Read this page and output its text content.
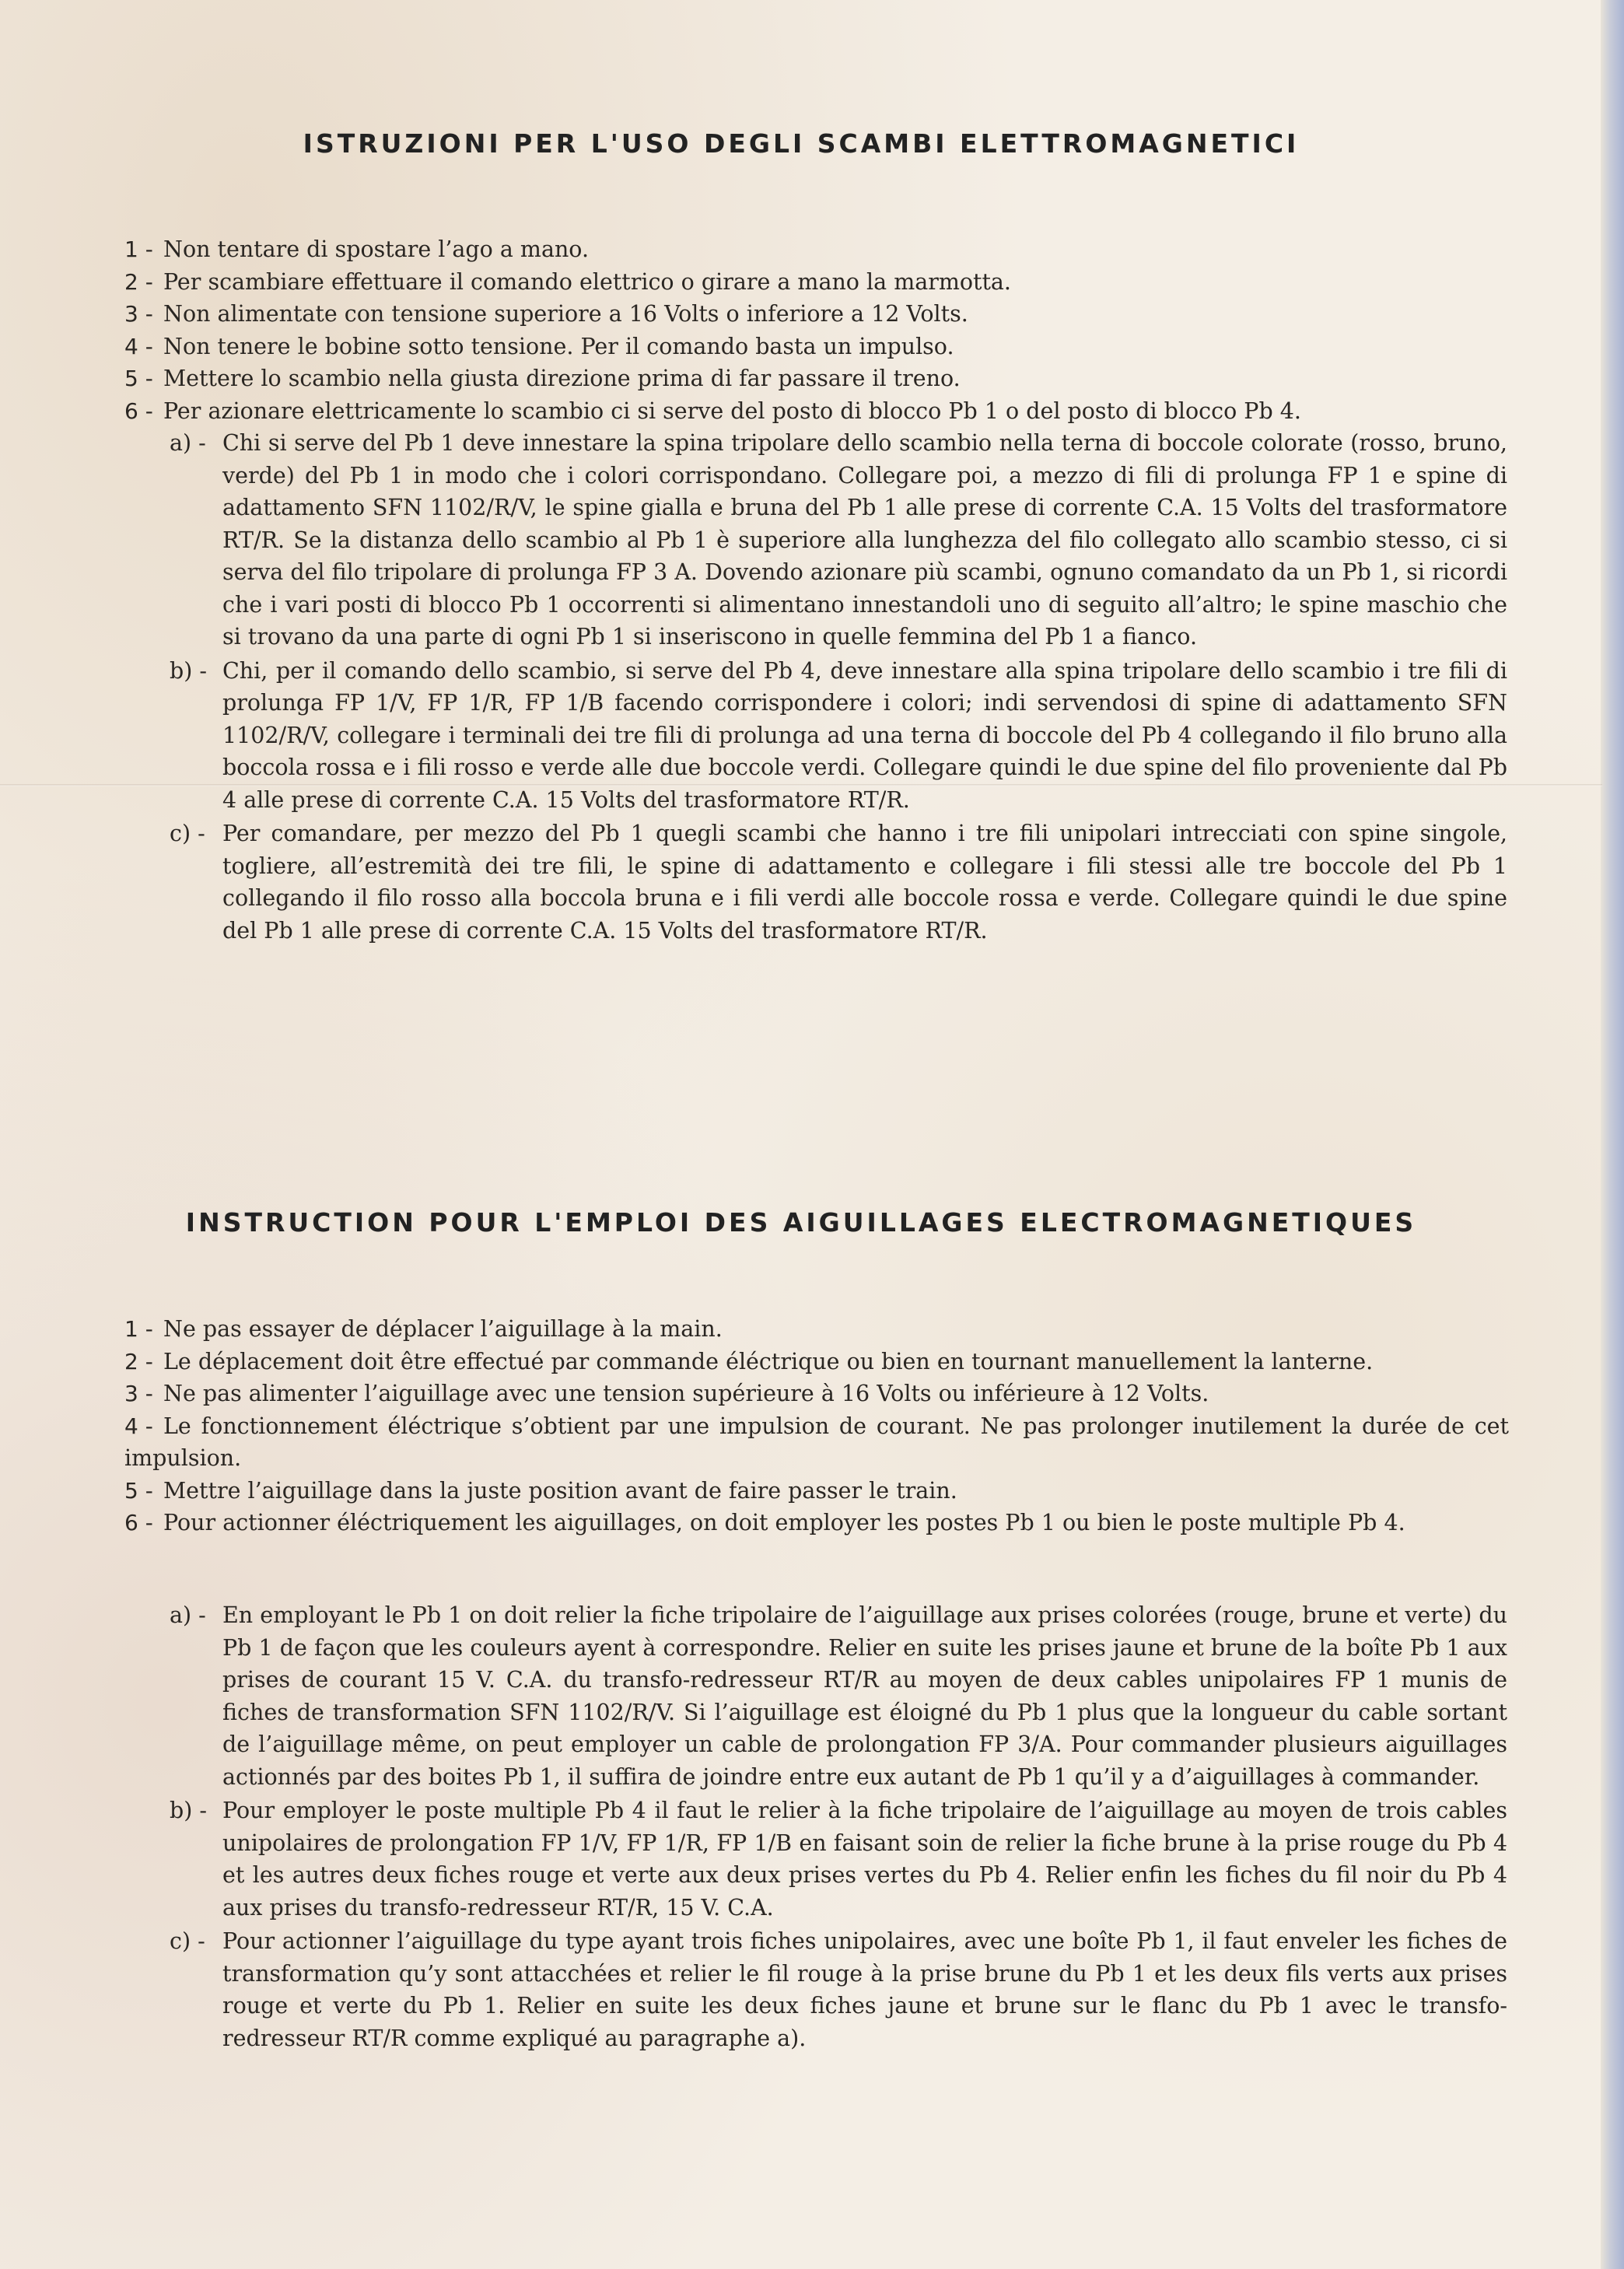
ISTRUZIONI PER L'USO DEGLI SCAMBI ELETTROMAGNETICI
1 - Non tentare di spostare l’ago a mano.
2 - Per scambiare effettuare il comando elettrico o girare a mano la marmotta.
3 - Non alimentate con tensione superiore a 16 Volts o inferiore a 12 Volts.
4 - Non tenere le bobine sotto tensione. Per il comando basta un impulso.
5 - Mettere lo scambio nella giusta direzione prima di far passare il treno.
6 - Per azionare elettricamente lo scambio ci si serve del posto di blocco Pb 1 o del posto di blocco Pb 4.
a) - Chi si serve del Pb 1 deve innestare la spina tripolare dello scambio nella terna di boccole colorate (rosso, bruno, verde) del Pb 1 in modo che i colori corrispondano. Collegare poi, a mezzo di fili di prolunga FP 1 e spine di adattamento SFN 1102/R/V, le spine gialla e bruna del Pb 1 alle prese di corrente C.A. 15 Volts del trasformatore RT/R. Se la distanza dello scambio al Pb 1 è superiore alla lunghezza del filo collegato allo scambio stesso, ci si serva del filo tripolare di prolunga FP 3 A. Dovendo azionare più scambi, ognuno comandato da un Pb 1, si ricordi che i vari posti di blocco Pb 1 occorrenti si alimentano innestandoli uno di seguito all’altro; le spine maschio che si trovano da una parte di ogni Pb 1 si inseriscono in quelle femmina del Pb 1 a fianco.
b) - Chi, per il comando dello scambio, si serve del Pb 4, deve innestare alla spina tripolare dello scambio i tre fili di prolunga FP 1/V, FP 1/R, FP 1/B facendo corrispondere i colori; indi servendosi di spine di adattamento SFN 1102/R/V, collegare i terminali dei tre fili di prolunga ad una terna di boccole del Pb 4 collegando il filo bruno alla boccola rossa e i fili rosso e verde alle due boccole verdi. Collegare quindi le due spine del filo proveniente dal Pb 4 alle prese di corrente C.A. 15 Volts del trasformatore RT/R.
c) - Per comandare, per mezzo del Pb 1 quegli scambi che hanno i tre fili unipolari intrecciati con spine singole, togliere, all’estremità dei tre fili, le spine di adattamento e collegare i fili stessi alle tre boccole del Pb 1 collegando il filo rosso alla boccola bruna e i fili verdi alle boccole rossa e verde. Collegare quindi le due spine del Pb 1 alle prese di corrente C.A. 15 Volts del trasformatore RT/R.
INSTRUCTION POUR L'EMPLOI DES AIGUILLAGES ELECTROMAGNETIQUES
1 - Ne pas essayer de déplacer l’aiguillage à la main.
2 - Le déplacement doit être effectué par commande éléctrique ou bien en tournant manuellement la lanterne.
3 - Ne pas alimenter l’aiguillage avec une tension supérieure à 16 Volts ou inférieure à 12 Volts.
4 - Le fonctionnement éléctrique s’obtient par une impulsion de courant. Ne pas prolonger inutilement la durée de cet impulsion.
5 - Mettre l’aiguillage dans la juste position avant de faire passer le train.
6 - Pour actionner éléctriquement les aiguillages, on doit employer les postes Pb 1 ou bien le poste multiple Pb 4.
a) - En employant le Pb 1 on doit relier la fiche tripolaire de l’aiguillage aux prises colorées (rouge, brune et verte) du Pb 1 de façon que les couleurs ayent à correspondre. Relier en suite les prises jaune et brune de la boîte Pb 1 aux prises de courant 15 V. C.A. du transfo-redresseur RT/R au moyen de deux cables unipolaires FP 1 munis de fiches de transformation SFN 1102/R/V. Si l’aiguillage est éloigné du Pb 1 plus que la longueur du cable sortant de l’aiguillage même, on peut employer un cable de prolongation FP 3/A. Pour commander plusieurs aiguillages actionnés par des boites Pb 1, il suffira de joindre entre eux autant de Pb 1 qu’il y a d’aiguillages à commander.
b) - Pour employer le poste multiple Pb 4 il faut le relier à la fiche tripolaire de l’aiguillage au moyen de trois cables unipolaires de prolongation FP 1/V, FP 1/R, FP 1/B en faisant soin de relier la fiche brune à la prise rouge du Pb 4 et les autres deux fiches rouge et verte aux deux prises vertes du Pb 4. Relier enfin les fiches du fil noir du Pb 4 aux prises du transfo-redresseur RT/R, 15 V. C.A.
c) - Pour actionner l’aiguillage du type ayant trois fiches unipolaires, avec une boîte Pb 1, il faut enveler les fiches de transformation qu’y sont attacchées et relier le fil rouge à la prise brune du Pb 1 et les deux fils verts aux prises rouge et verte du Pb 1. Relier en suite les deux fiches jaune et brune sur le flanc du Pb 1 avec le transfo-redresseur RT/R comme expliqué au paragraphe a).
